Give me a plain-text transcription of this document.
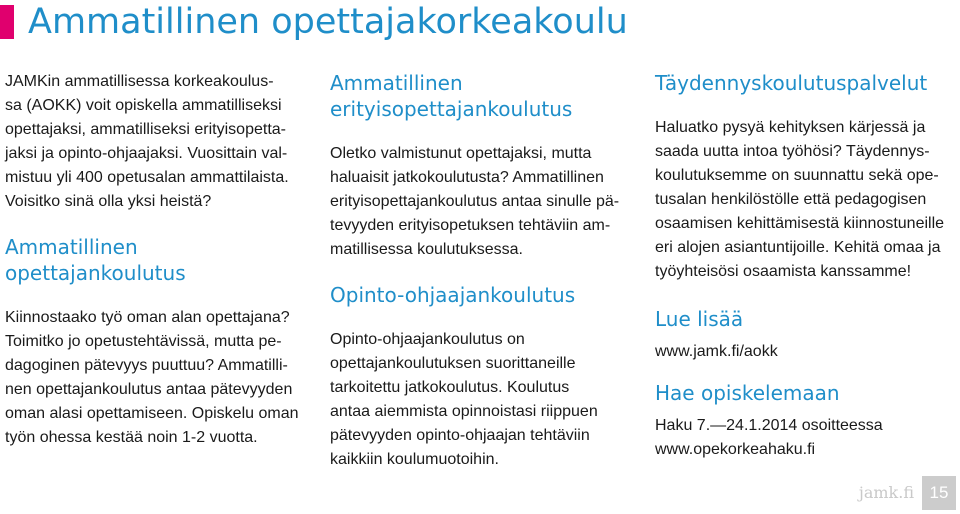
Ammatillinen opettajakorkeakoulu

JAMKin ammatillisessa korkeakoulus-
sa (AOKK) voit opiskella ammatilliseksi
opettajaksi, ammatilliseksi erityisopetta-
jaksi ja opinto-ohjaajaksi. Vuosittain val-
mistuu yli 400 opetusalan ammattilaista.
Voisitko sinä olla yksi heistä?

Ammatillinen
opettajankoulutus

Kiinnostaako työ oman alan opettajana?
Toimitko jo opetustehtävissä, mutta pe-
dagoginen pätevyys puuttuu? Ammatilli-
nen opettajankoulutus antaa pätevyyden
oman alasi opettamiseen. Opiskelu oman
työn ohessa kestää noin 1-2 vuotta.

Ammatillinen
erityisopettajankoulutus

Oletko valmistunut opettajaksi, mutta
haluaisit jatkokoulutusta? Ammatillinen
erityisopettajankoulutus antaa sinulle pä-
tevyyden erityisopetuksen tehtäviin am-
matillisessa koulutuksessa.

Opinto-ohjaajankoulutus

Opinto-ohjaajankoulutus on
opettajankoulutuksen suorittaneille
tarkoitettu jatkokoulutus. Koulutus
antaa aiemmista opinnoistasi riippuen
pätevyyden opinto-ohjaajan tehtäviin
kaikkiin koulumuotoihin.

Täydennyskoulutuspalvelut

Haluatko pysyä kehityksen kärjessä ja
saada uutta intoa työhösi? Täydennys-
koulutuksemme on suunnattu sekä ope-
tusalan henkilöstölle että pedagogisen
osaamisen kehittämisestä kiinnostuneille
eri alojen asiantuntijoille. Kehitä omaa ja
työyhteisösi osaamista kanssamme!

Lue lisää

www.jamk.fi/aokk

Hae opiskelemaan

Haku 7.—24.1.2014 osoitteessa
www.opekorkeahaku.fi

jamk.fi 15
